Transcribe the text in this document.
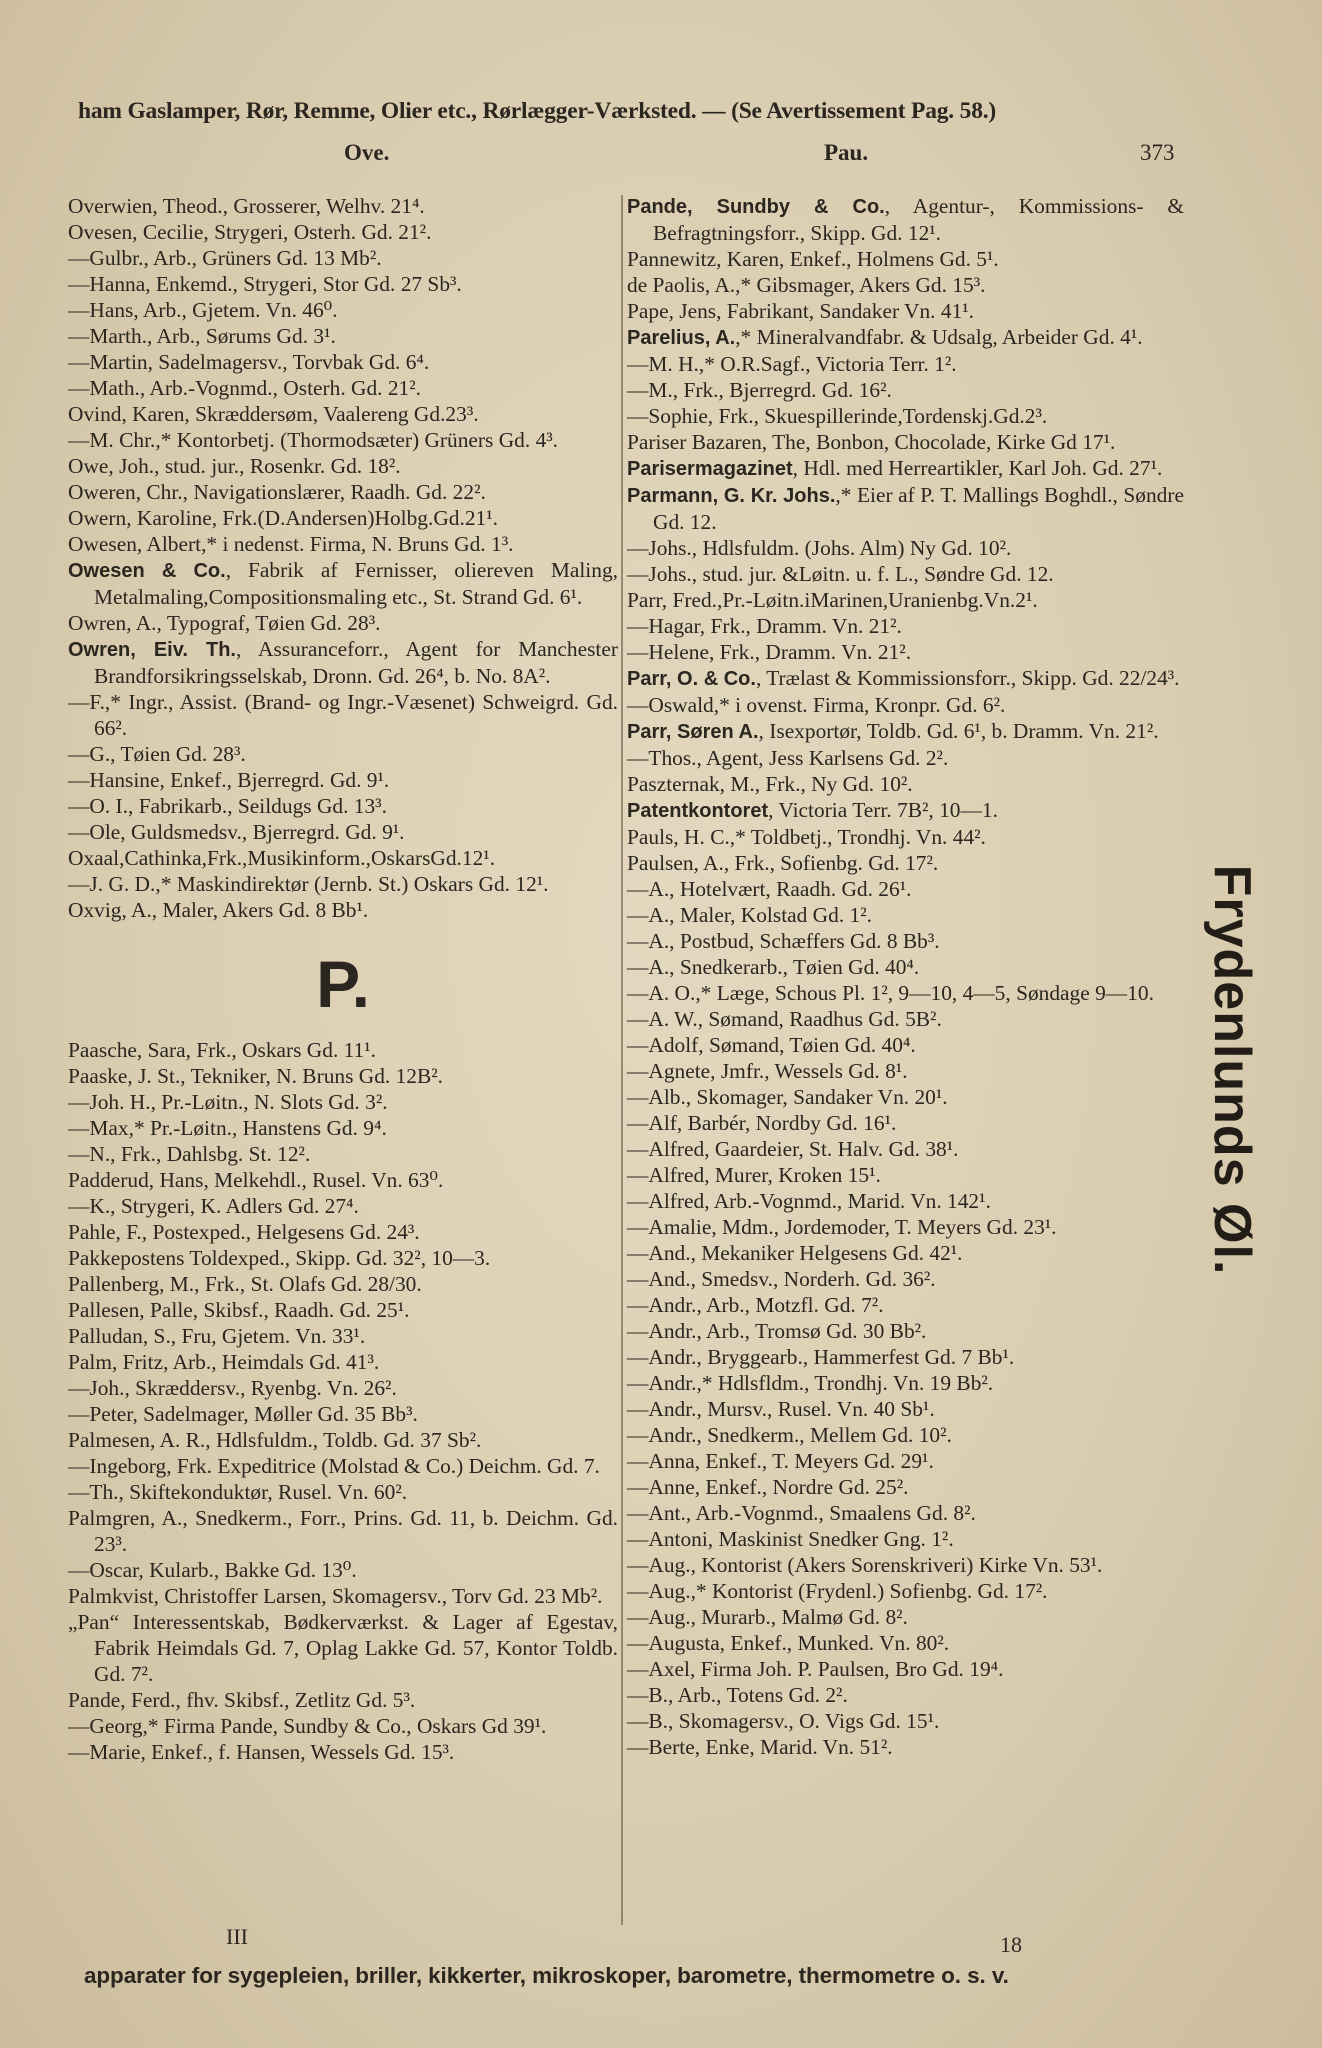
ham Gaslamper, Rør, Remme, Olier etc., Rørlægger-Værksted. — (Se Avertissement Pag. 58.)
Ove.	Pau.	373

Overwien, Theod., Grosserer, Welhv. 21⁴.

Ovesen, Cecilie, Strygeri, Osterh. Gd. 21².

—Gulbr., Arb., Grüners Gd. 13 Mb².

—Hanna, Enkemd., Strygeri, Stor Gd. 27 Sb³.

—Hans, Arb., Gjetem. Vn. 46⁰.

—Marth., Arb., Sørums Gd. 3¹.

—Martin, Sadelmagersv., Torvbak Gd. 6⁴.

—Math., Arb.-Vognmd., Osterh. Gd. 21².

Ovind, Karen, Skræddersøm, Vaalereng Gd.23³.

—M. Chr.,* Kontorbetj. (Thormodsæter) Grüners Gd. 4³.

Owe, Joh., stud. jur., Rosenkr. Gd. 18².

Oweren, Chr., Navigationslærer, Raadh. Gd. 22².

Owern, Karoline, Frk.(D.Andersen)Holbg.Gd.21¹.

Owesen, Albert,* i nedenst. Firma, N. Bruns Gd. 1³.

Owesen & Co., Fabrik af Fernisser, oliereven Maling, Metalmaling,Compositionsmaling etc., St. Strand Gd. 6¹.

Owren, A., Typograf, Tøien Gd. 28³.

Owren, Eiv. Th., Assuranceforr., Agent for Manchester Brandforsikringsselskab, Dronn. Gd. 26⁴, b. No. 8A².

—F.,* Ingr., Assist. (Brand- og Ingr.-Væsenet) Schweigrd. Gd. 66².

—G., Tøien Gd. 28³.

—Hansine, Enkef., Bjerregrd. Gd. 9¹.

—O. I., Fabrikarb., Seildugs Gd. 13³.

—Ole, Guldsmedsv., Bjerregrd. Gd. 9¹.

Oxaal,Cathinka,Frk.,Musikinform.,OskarsGd.12¹.

—J. G. D.,* Maskindirektør (Jernb. St.) Oskars Gd. 12¹.

Oxvig, A., Maler, Akers Gd. 8 Bb¹.

P.

Paasche, Sara, Frk., Oskars Gd. 11¹.

Paaske, J. St., Tekniker, N. Bruns Gd. 12B².

—Joh. H., Pr.-Løitn., N. Slots Gd. 3².

—Max,* Pr.-Løitn., Hanstens Gd. 9⁴.

—N., Frk., Dahlsbg. St. 12².

Padderud, Hans, Melkehdl., Rusel. Vn. 63⁰.

—K., Strygeri, K. Adlers Gd. 27⁴.

Pahle, F., Postexped., Helgesens Gd. 24³.

Pakkepostens Toldexped., Skipp. Gd. 32², 10—3.

Pallenberg, M., Frk., St. Olafs Gd. 28/30.

Pallesen, Palle, Skibsf., Raadh. Gd. 25¹.

Palludan, S., Fru, Gjetem. Vn. 33¹.

Palm, Fritz, Arb., Heimdals Gd. 41³.

—Joh., Skræddersv., Ryenbg. Vn. 26².

—Peter, Sadelmager, Møller Gd. 35 Bb³.

Palmesen, A. R., Hdlsfuldm., Toldb. Gd. 37 Sb².

—Ingeborg, Frk. Expeditrice (Molstad & Co.) Deichm. Gd. 7.

—Th., Skiftekonduktør, Rusel. Vn. 60².

Palmgren, A., Snedkerm., Forr., Prins. Gd. 11, b. Deichm. Gd. 23³.

—Oscar, Kularb., Bakke Gd. 13⁰.

Palmkvist, Christoffer Larsen, Skomagersv., Torv Gd. 23 Mb².

„Pan“ Interessentskab, Bødkerværkst. & Lager af Egestav, Fabrik Heimdals Gd. 7, Oplag Lakke Gd. 57, Kontor Toldb. Gd. 7².

Pande, Ferd., fhv. Skibsf., Zetlitz Gd. 5³.

—Georg,* Firma Pande, Sundby & Co., Oskars Gd 39¹.

—Marie, Enkef., f. Hansen, Wessels Gd. 15³.

Pande, Sundby & Co., Agentur-, Kommissions- & Befragtningsforr., Skipp. Gd. 12¹.

Pannewitz, Karen, Enkef., Holmens Gd. 5¹.

de Paolis, A.,* Gibsmager, Akers Gd. 15³.

Pape, Jens, Fabrikant, Sandaker Vn. 41¹.

Parelius, A.,* Mineralvandfabr. & Udsalg, Arbeider Gd. 4¹.

—M. H.,* O.R.Sagf., Victoria Terr. 1².

—M., Frk., Bjerregrd. Gd. 16².

—Sophie, Frk., Skuespillerinde,Tordenskj.Gd.2³.

Pariser Bazaren, The, Bonbon, Chocolade, Kirke Gd 17¹.

Parisermagazinet, Hdl. med Herreartikler, Karl Joh. Gd. 27¹.

Parmann, G. Kr. Johs.,* Eier af P. T. Mallings Boghdl., Søndre Gd. 12.

—Johs., Hdlsfuldm. (Johs. Alm) Ny Gd. 10².

—Johs., stud. jur. &Løitn. u. f. L., Søndre Gd. 12.

Parr, Fred.,Pr.-Løitn.iMarinen,Uranienbg.Vn.2¹.

—Hagar, Frk., Dramm. Vn. 21².

—Helene, Frk., Dramm. Vn. 21².

Parr, O. & Co., Trælast & Kommissionsforr., Skipp. Gd. 22/24³.

—Oswald,* i ovenst. Firma, Kronpr. Gd. 6².

Parr, Søren A., Isexportør, Toldb. Gd. 6¹, b. Dramm. Vn. 21².

—Thos., Agent, Jess Karlsens Gd. 2².

Paszternak, M., Frk., Ny Gd. 10².

Patentkontoret, Victoria Terr. 7B², 10—1.

Pauls, H. C.,* Toldbetj., Trondhj. Vn. 44².

Paulsen, A., Frk., Sofienbg. Gd. 17².

—A., Hotelvært, Raadh. Gd. 26¹.

—A., Maler, Kolstad Gd. 1².

—A., Postbud, Schæffers Gd. 8 Bb³.

—A., Snedkerarb., Tøien Gd. 40⁴.

—A. O.,* Læge, Schous Pl. 1², 9—10, 4—5, Søndage 9—10.

—A. W., Sømand, Raadhus Gd. 5B².

—Adolf, Sømand, Tøien Gd. 40⁴.

—Agnete, Jmfr., Wessels Gd. 8¹.

—Alb., Skomager, Sandaker Vn. 20¹.

—Alf, Barbér, Nordby Gd. 16¹.

—Alfred, Gaardeier, St. Halv. Gd. 38¹.

—Alfred, Murer, Kroken 15¹.

—Alfred, Arb.-Vognmd., Marid. Vn. 142¹.

—Amalie, Mdm., Jordemoder, T. Meyers Gd. 23¹.

—And., Mekaniker Helgesens Gd. 42¹.

—And., Smedsv., Norderh. Gd. 36².

—Andr., Arb., Motzfl. Gd. 7².

—Andr., Arb., Tromsø Gd. 30 Bb².

—Andr., Bryggearb., Hammerfest Gd. 7 Bb¹.

—Andr.,* Hdlsfldm., Trondhj. Vn. 19 Bb².

—Andr., Mursv., Rusel. Vn. 40 Sb¹.

—Andr., Snedkerm., Mellem Gd. 10².

—Anna, Enkef., T. Meyers Gd. 29¹.

—Anne, Enkef., Nordre Gd. 25².

—Ant., Arb.-Vognmd., Smaalens Gd. 8².

—Antoni, Maskinist Snedker Gng. 1².

—Aug., Kontorist (Akers Sorenskriveri) Kirke Vn. 53¹.

—Aug.,* Kontorist (Frydenl.) Sofienbg. Gd. 17².

—Aug., Murarb., Malmø Gd. 8².

—Augusta, Enkef., Munked. Vn. 80².

—Axel, Firma Joh. P. Paulsen, Bro Gd. 19⁴.

—B., Arb., Totens Gd. 2².

—B., Skomagersv., O. Vigs Gd. 15¹.

—Berte, Enke, Marid. Vn. 51².

Frydenlunds Øl.
III	18
apparater for sygepleien, briller, kikkerter, mikroskoper, barometre, thermometre o. s. v.
